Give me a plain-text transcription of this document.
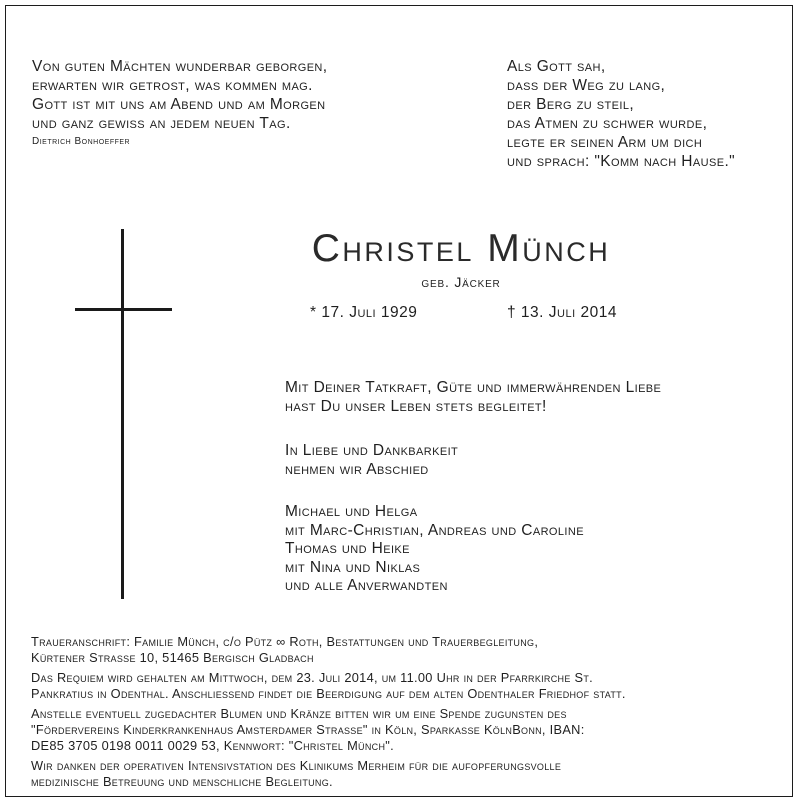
Von guten Mächten wunderbar geborgen,
erwarten wir getrost, was kommen mag.
Gott ist mit uns am Abend und am Morgen
und ganz gewiss an jedem neuen Tag.
Dietrich Bonhoeffer
Als Gott sah,
dass der Weg zu lang,
der Berg zu steil,
das Atmen zu schwer wurde,
legte er seinen Arm um dich
und sprach: "Komm nach Hause."
Christel Münch
geb. Jäcker
* 17. Juli 1929	† 13. Juli 2014
Mit Deiner Tatkraft, Güte und immerwährenden Liebe
hast Du unser Leben stets begleitet!
In Liebe und Dankbarkeit
nehmen wir Abschied
Michael und Helga
mit Marc-Christian, Andreas und Caroline
Thomas und Heike
mit Nina und Niklas
und alle Anverwandten
Traueranschrift: Familie Münch, c/o Pütz ∞ Roth, Bestattungen und Trauerbegleitung,
Kürtener Strasse 10, 51465 Bergisch Gladbach
Das Requiem wird gehalten am Mittwoch, dem 23. Juli 2014, um 11.00 Uhr in der Pfarrkirche St.
Pankratius in Odenthal. Anschliessend findet die Beerdigung auf dem alten Odenthaler Friedhof statt.
Anstelle eventuell zugedachter Blumen und Kränze bitten wir um eine Spende zugunsten des
"Fördervereins Kinderkrankenhaus Amsterdamer Strasse" in Köln, Sparkasse KölnBonn, IBAN:
DE85 3705 0198 0011 0029 53, Kennwort: "Christel Münch".
Wir danken der operativen Intensivstation des Klinikums Merheim für die aufopferungsvolle
medizinische Betreuung und menschliche Begleitung.
